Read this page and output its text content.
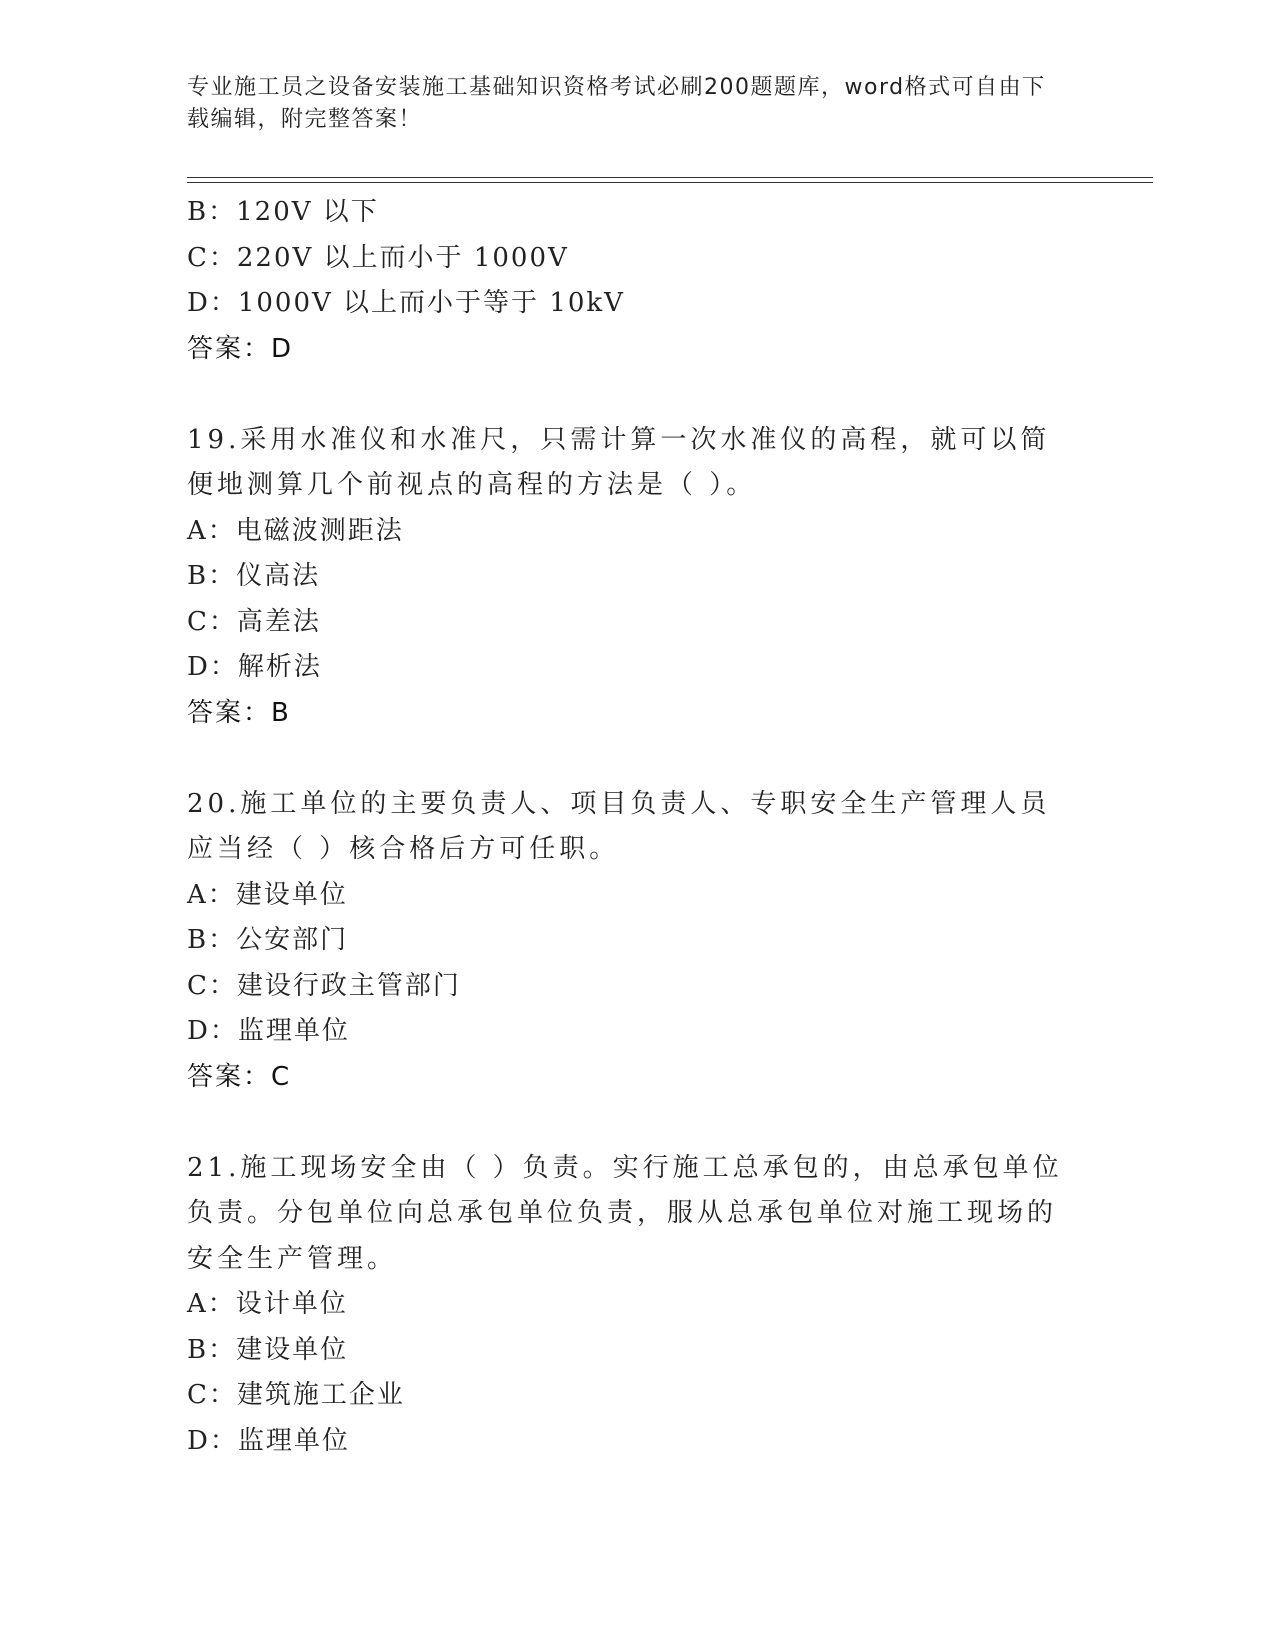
专业施工员之设备安装施工基础知识资格考试必刷200题题库，word格式可自由下载编辑，附完整答案！
B：120V 以下
C：220V 以上而小于 1000V
D：1000V 以上而小于等于 10kV
答案：D
19.采用水准仪和水准尺，只需计算一次水准仪的高程，就可以简便地测算几个前视点的高程的方法是（ ）。
A：电磁波测距法
B：仪高法
C：高差法
D：解析法
答案：B
20.施工单位的主要负责人、项目负责人、专职安全生产管理人员应当经（ ）核合格后方可任职。
A：建设单位
B：公安部门
C：建设行政主管部门
D：监理单位
答案：C
21.施工现场安全由（ ）负责。实行施工总承包的，由总承包单位负责。分包单位向总承包单位负责，服从总承包单位对施工现场的安全生产管理。
A：设计单位
B：建设单位
C：建筑施工企业
D：监理单位
